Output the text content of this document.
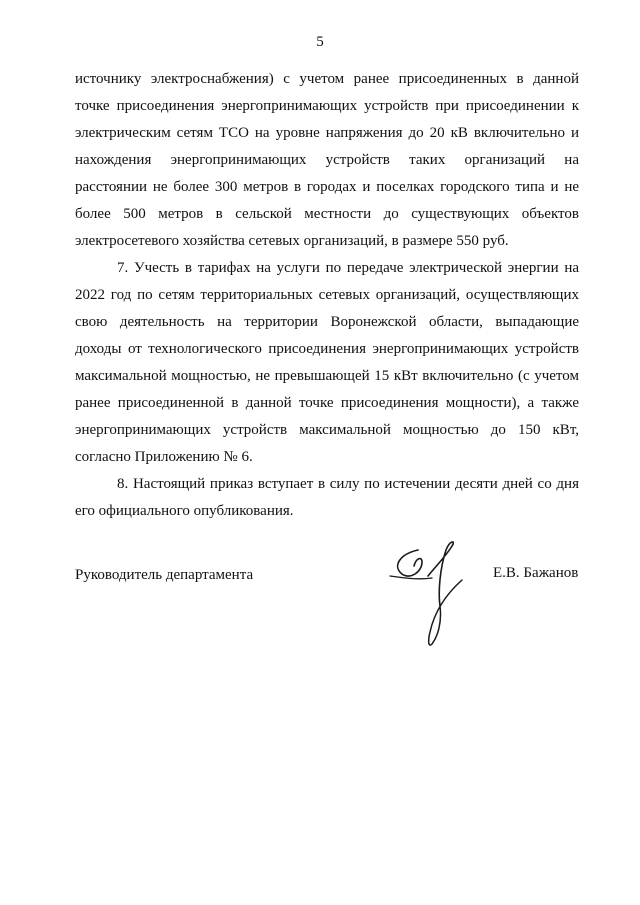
5
источнику электроснабжения) с учетом ранее присоединенных в данной
точке присоединения энергопринимающих устройств при присоединении к
электрическим сетям ТСО на уровне напряжения до 20 кВ включительно и
нахождения энергопринимающих устройств таких организаций на
расстоянии не более 300 метров в городах и поселках городского типа и не
более 500 метров в сельской местности до существующих объектов
электросетевого хозяйства сетевых организаций, в размере 550 руб.
7. Учесть в тарифах на услуги по передаче электрической энергии на
2022 год по сетям территориальных сетевых организаций, осуществляющих
свою деятельность на территории Воронежской области, выпадающие
доходы от технологического присоединения энергопринимающих устройств
максимальной мощностью, не превышающей 15 кВт включительно (с учетом
ранее присоединенной в данной точке присоединения мощности), а также
энергопринимающих устройств максимальной мощностью до 150 кВт,
согласно Приложению № 6.
8. Настоящий приказ вступает в силу по истечении десяти дней со дня
его официального опубликования.
Руководитель департамента	Е.В. Бажанов
